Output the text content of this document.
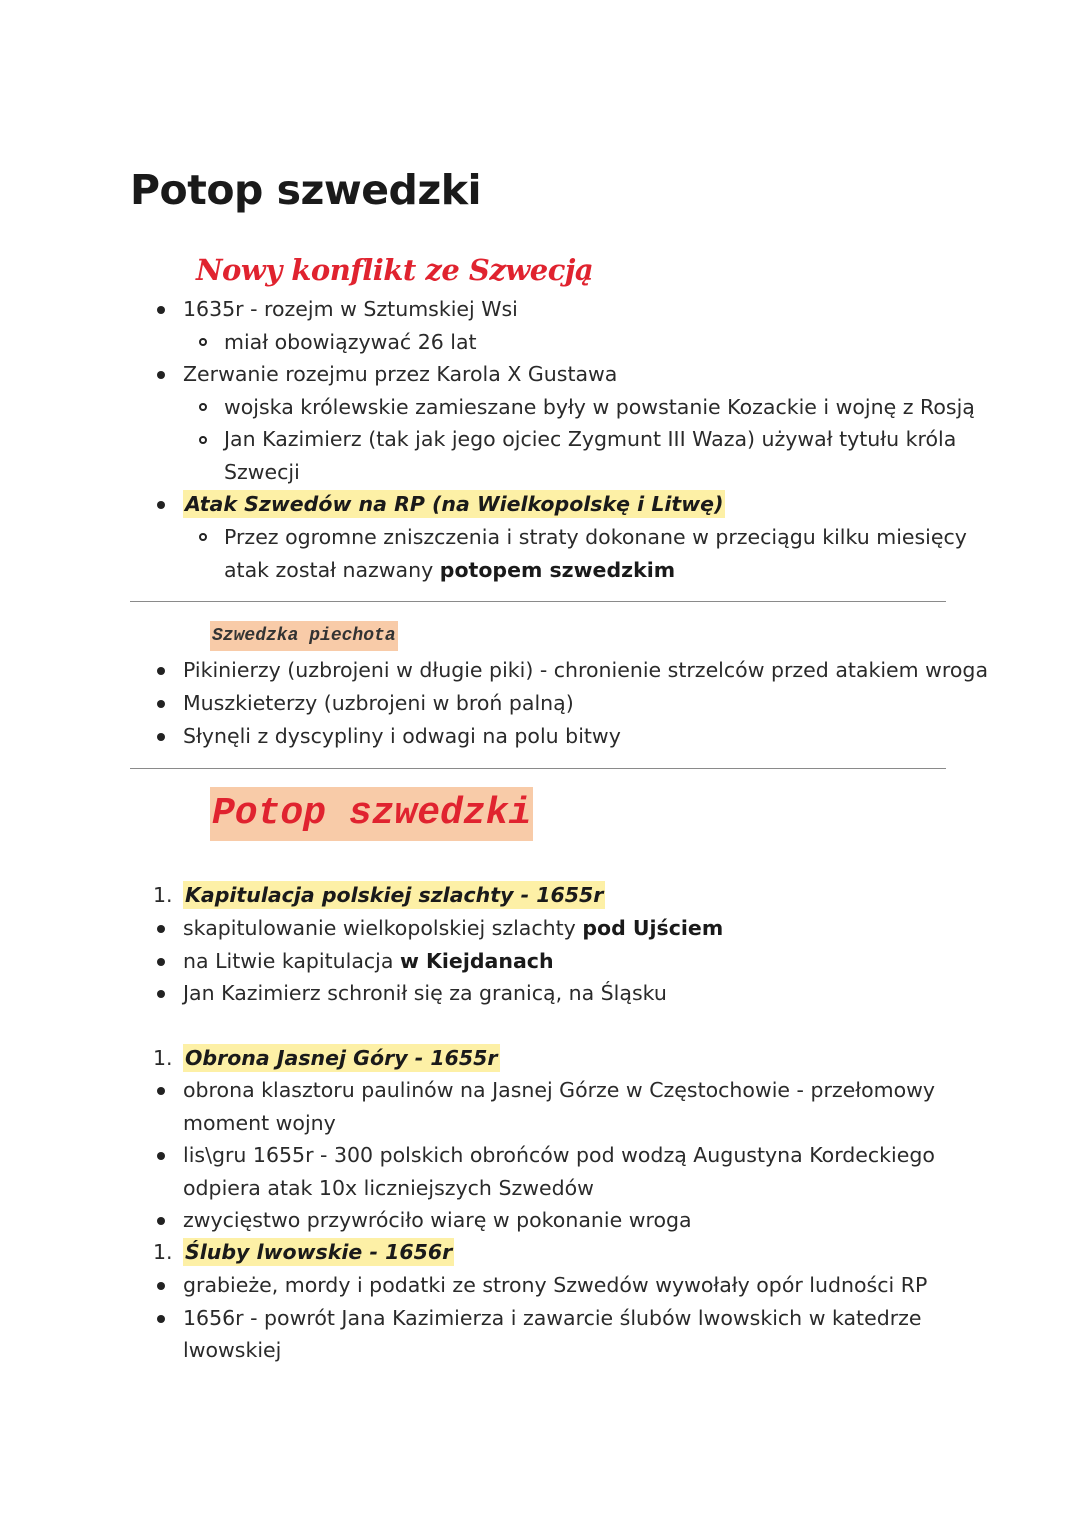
Potop szwedzki
Nowy konflikt ze Szwecją
1635r - rozejm w Sztumskiej Wsi
miał obowiązywać 26 lat
Zerwanie rozejmu przez Karola X Gustawa
wojska królewskie zamieszane były w powstanie Kozackie i wojnę z Rosją
Jan Kazimierz (tak jak jego ojciec Zygmunt III Waza) używał tytułu króla
Szwecji
Atak Szwedów na RP (na Wielkopolskę i Litwę)
Przez ogromne zniszczenia i straty dokonane w przeciągu kilku miesięcy
atak został nazwany potopem szwedzkim
Szwedzka piechota
Pikinierzy (uzbrojeni w długie piki) - chronienie strzelców przed atakiem wroga
Muszkieterzy (uzbrojeni w broń palną)
Słynęli z dyscypliny i odwagi na polu bitwy
Potop szwedzki
1. Kapitulacja polskiej szlachty - 1655r
skapitulowanie wielkopolskiej szlachty pod Ujściem
na Litwie kapitulacja w Kiejdanach
Jan Kazimierz schronił się za granicą, na Śląsku
1. Obrona Jasnej Góry - 1655r
obrona klasztoru paulinów na Jasnej Górze w Częstochowie - przełomowy
moment wojny
lis\gru 1655r - 300 polskich obrońców pod wodzą Augustyna Kordeckiego
odpiera atak 10x liczniejszych Szwedów
zwycięstwo przywróciło wiarę w pokonanie wroga
1. Śluby lwowskie - 1656r
grabieże, mordy i podatki ze strony Szwedów wywołały opór ludności RP
1656r - powrót Jana Kazimierza i zawarcie ślubów lwowskich w katedrze
lwowskiej
